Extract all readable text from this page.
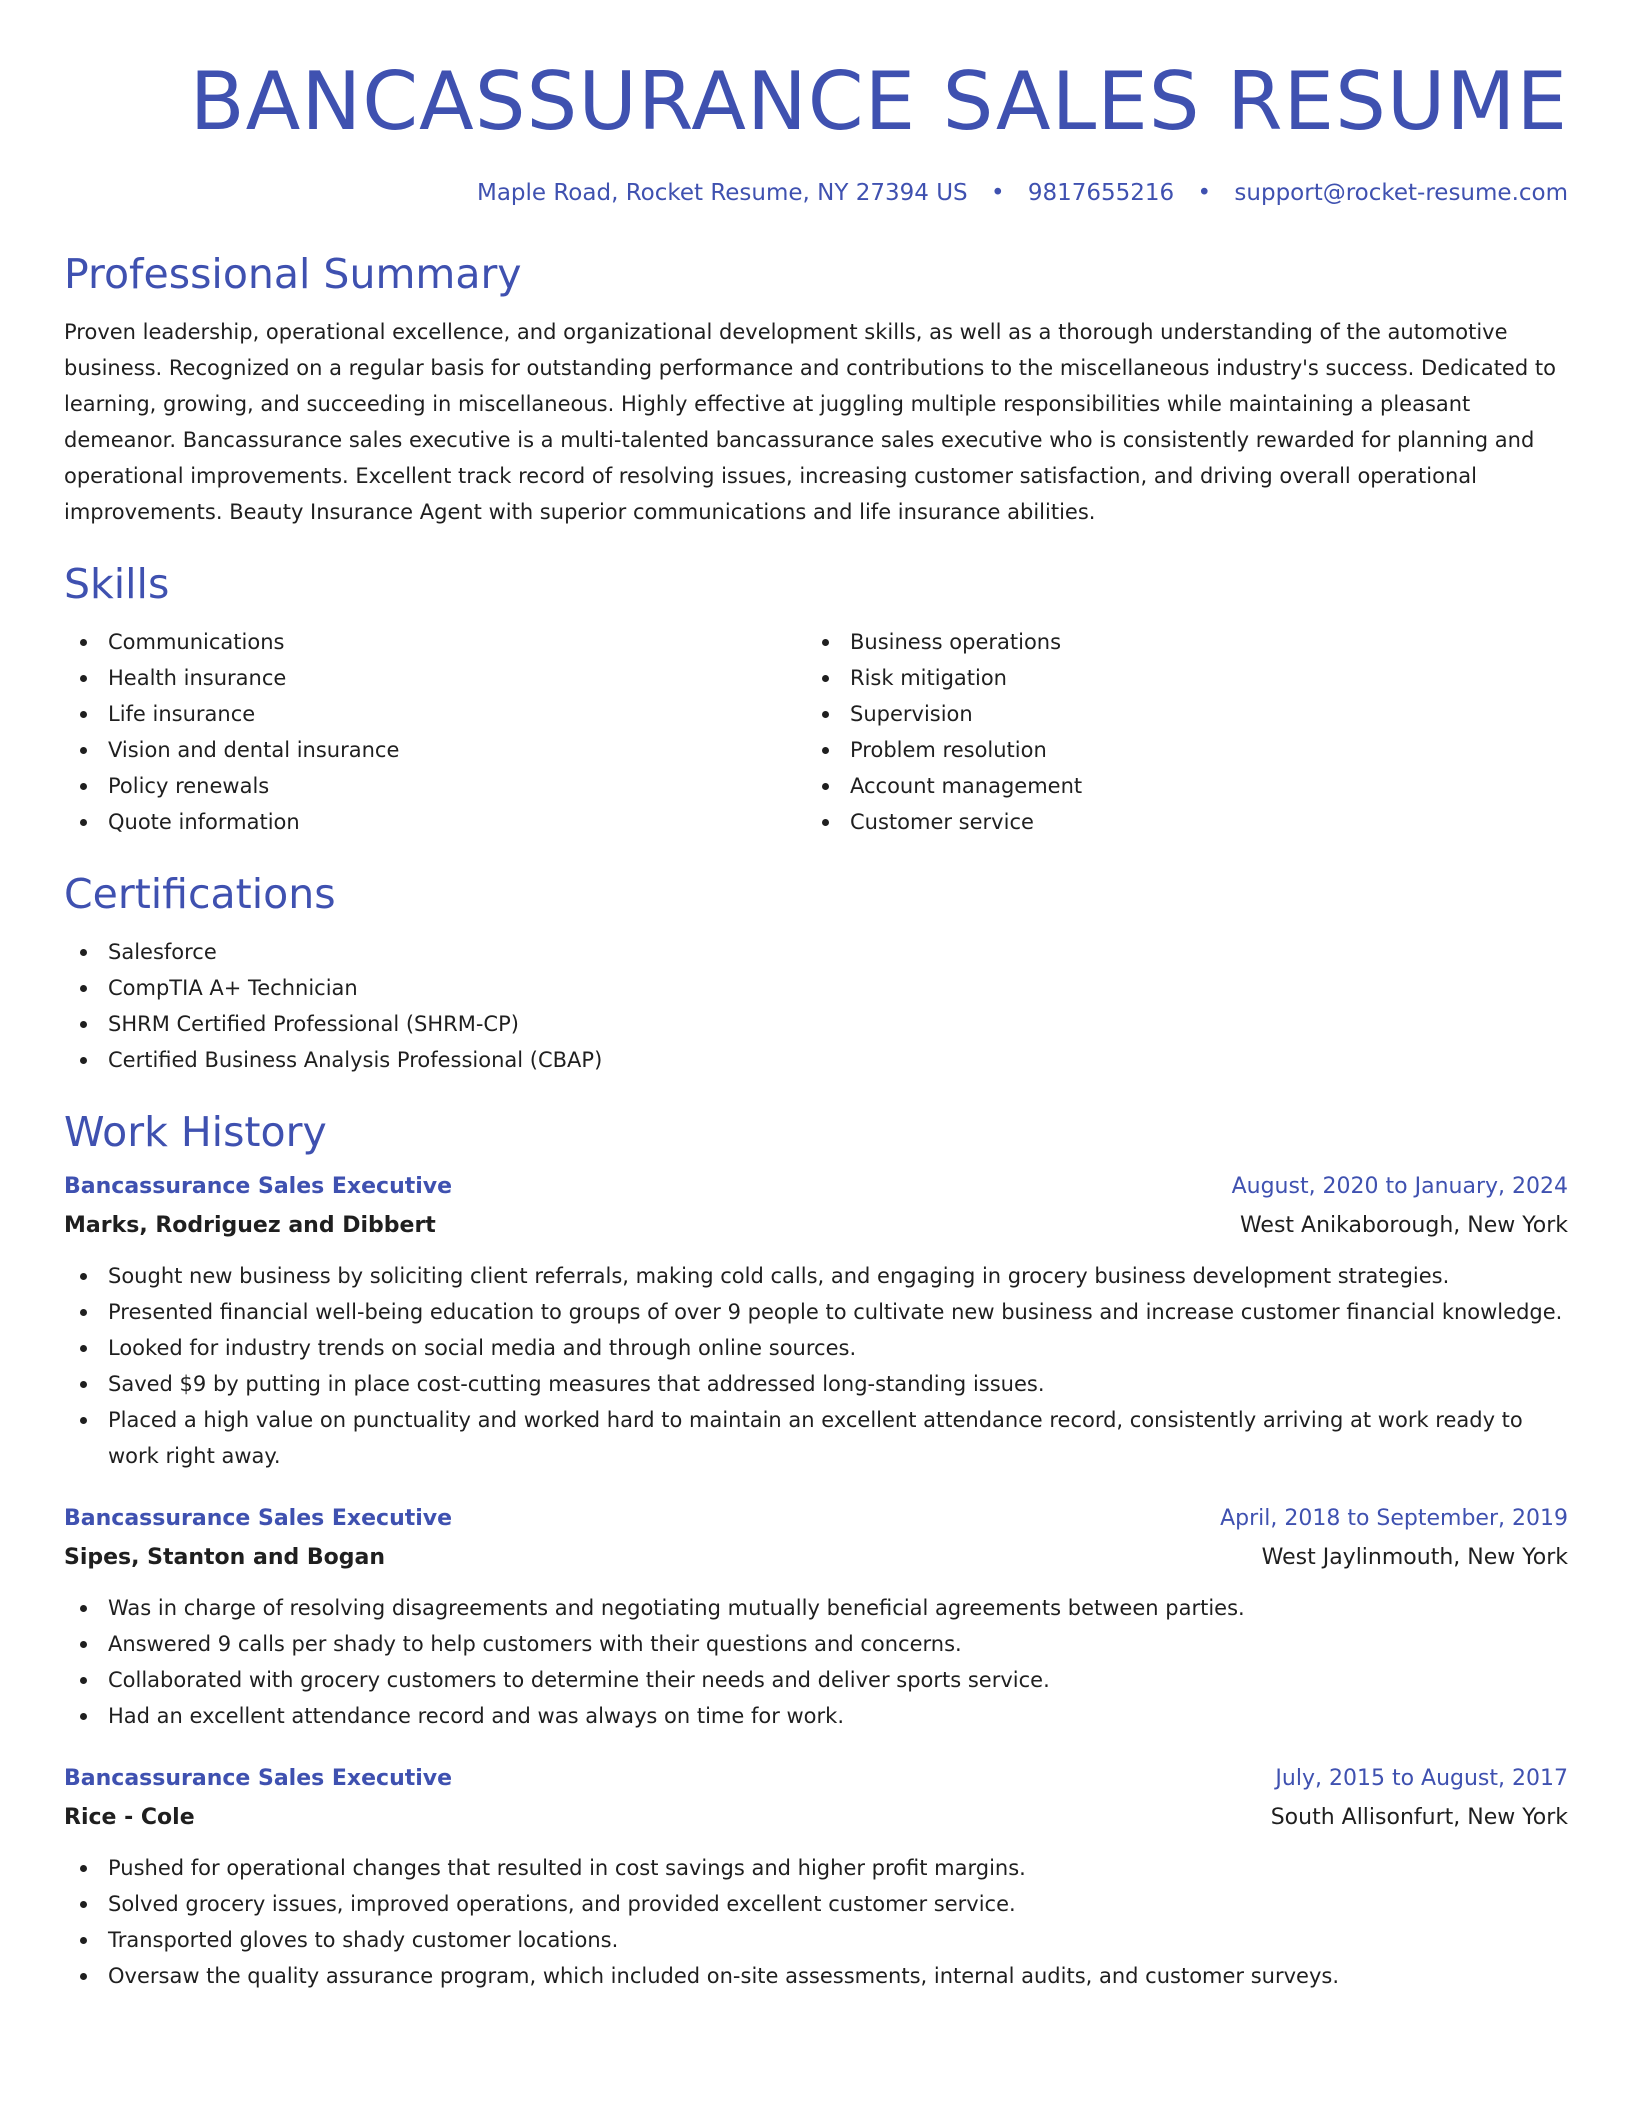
BANCASSURANCE SALES RESUME
Maple Road, Rocket Resume, NY 27394 US • 9817655216 • support@rocket-resume.com
Professional Summary

Proven leadership, operational excellence, and organizational development skills, as well as a thorough understanding of the automotive business. Recognized on a regular basis for outstanding performance and contributions to the miscellaneous industry's success. Dedicated to learning, growing, and succeeding in miscellaneous. Highly effective at juggling multiple responsibilities while maintaining a pleasant demeanor. Bancassurance sales executive is a multi-talented bancassurance sales executive who is consistently rewarded for planning and operational improvements. Excellent track record of resolving issues, increasing customer satisfaction, and driving overall operational improvements. Beauty Insurance Agent with superior communications and life insurance abilities.

Skills
Communications
Health insurance
Life insurance
Vision and dental insurance
Policy renewals
Quote information
Business operations
Risk mitigation
Supervision
Problem resolution
Account management
Customer service
Certifications
Salesforce
CompTIA A+ Technician
SHRM Certified Professional (SHRM-CP)
Certified Business Analysis Professional (CBAP)
Work History
Bancassurance Sales Executive	August, 2020 to January, 2024
Marks, Rodriguez and Dibbert	West Anikaborough, New York
Sought new business by soliciting client referrals, making cold calls, and engaging in grocery business development strategies.
Presented financial well-being education to groups of over 9 people to cultivate new business and increase customer financial knowledge.
Looked for industry trends on social media and through online sources.
Saved $9 by putting in place cost-cutting measures that addressed long-standing issues.
Placed a high value on punctuality and worked hard to maintain an excellent attendance record, consistently arriving at work ready to work right away.
Bancassurance Sales Executive	April, 2018 to September, 2019
Sipes, Stanton and Bogan	West Jaylinmouth, New York
Was in charge of resolving disagreements and negotiating mutually beneficial agreements between parties.
Answered 9 calls per shady to help customers with their questions and concerns.
Collaborated with grocery customers to determine their needs and deliver sports service.
Had an excellent attendance record and was always on time for work.
Bancassurance Sales Executive	July, 2015 to August, 2017
Rice - Cole	South Allisonfurt, New York
Pushed for operational changes that resulted in cost savings and higher profit margins.
Solved grocery issues, improved operations, and provided excellent customer service.
Transported gloves to shady customer locations.
Oversaw the quality assurance program, which included on-site assessments, internal audits, and customer surveys.
